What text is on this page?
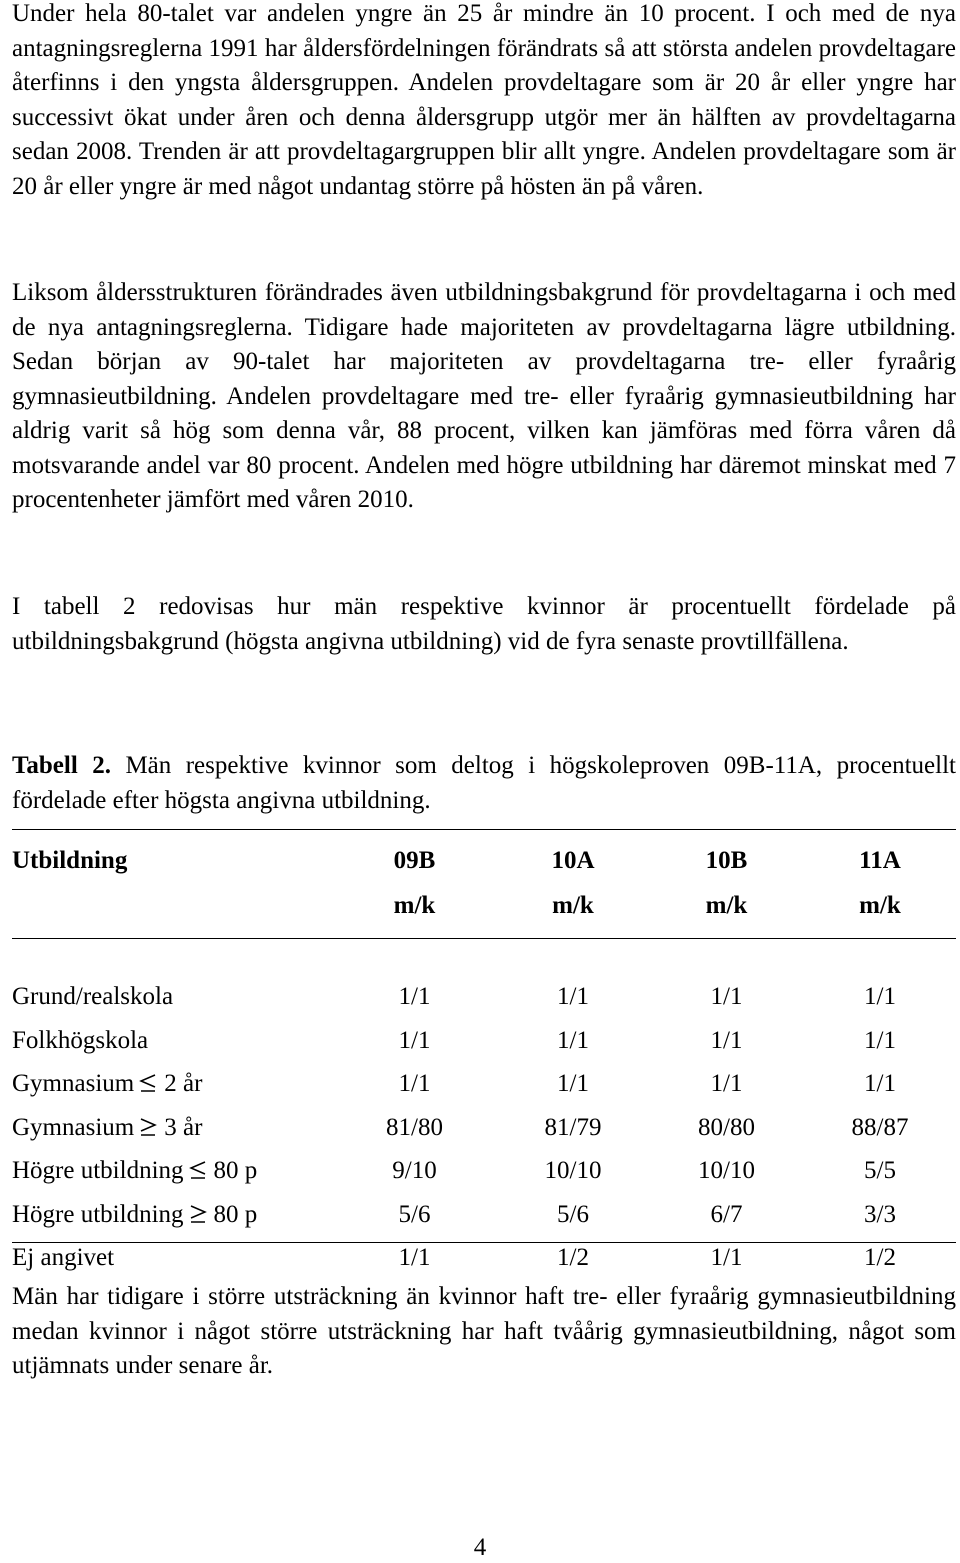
Under hela 80-talet var andelen yngre än 25 år mindre än 10 procent. I och med de nya antagningsreglerna 1991 har åldersfördelningen förändrats så att största andelen provdeltagare återfinns i den yngsta åldersgruppen. Andelen provdeltagare som är 20 år eller yngre har successivt ökat under åren och denna åldersgrupp utgör mer än hälften av provdeltagarna sedan 2008. Trenden är att provdeltagargruppen blir allt yngre. Andelen provdeltagare som är 20 år eller yngre är med något undantag större på hösten än på våren.

Liksom åldersstrukturen förändrades även utbildningsbakgrund för provdeltagarna i och med de nya antagningsreglerna. Tidigare hade majoriteten av provdeltagarna lägre utbildning. Sedan början av 90-talet har majoriteten av provdeltagarna tre- eller fyraårig gymnasieutbildning. Andelen provdeltagare med tre- eller fyraårig gymnasieutbildning har aldrig varit så hög som denna vår, 88 procent, vilken kan jämföras med förra våren då motsvarande andel var 80 procent. Andelen med högre utbildning har däremot minskat med 7 procentenheter jämfört med våren 2010.

I tabell 2 redovisas hur män respektive kvinnor är procentuellt fördelade på utbildningsbakgrund (högsta angivna utbildning) vid de fyra senaste provtillfällena.

Tabell 2. Män respektive kvinnor som deltog i högskoleproven 09B-11A, procentuellt fördelade efter högsta angivna utbildning.

Utbildning	09B	10A	10B	11A
	m/k	m/k	m/k	m/k

Grund/realskola	1/1	1/1	1/1	1/1
Folkhögskola	1/1	1/1	1/1	1/1
Gymnasium 2 år	1/1	1/1	1/1	1/1
Gymnasium 3 år	81/80	81/79	80/80	88/87
Högre utbildning 80 p	9/10	10/10	10/10	5/5
Högre utbildning 80 p	5/6	5/6	6/7	3/3
Ej angivet	1/1	1/2	1/1	1/2

Män har tidigare i större utsträckning än kvinnor haft tre- eller fyraårig gymnasieutbildning medan kvinnor i något större utsträckning har haft tvåårig gymnasieutbildning, något som utjämnats under senare år.

4
